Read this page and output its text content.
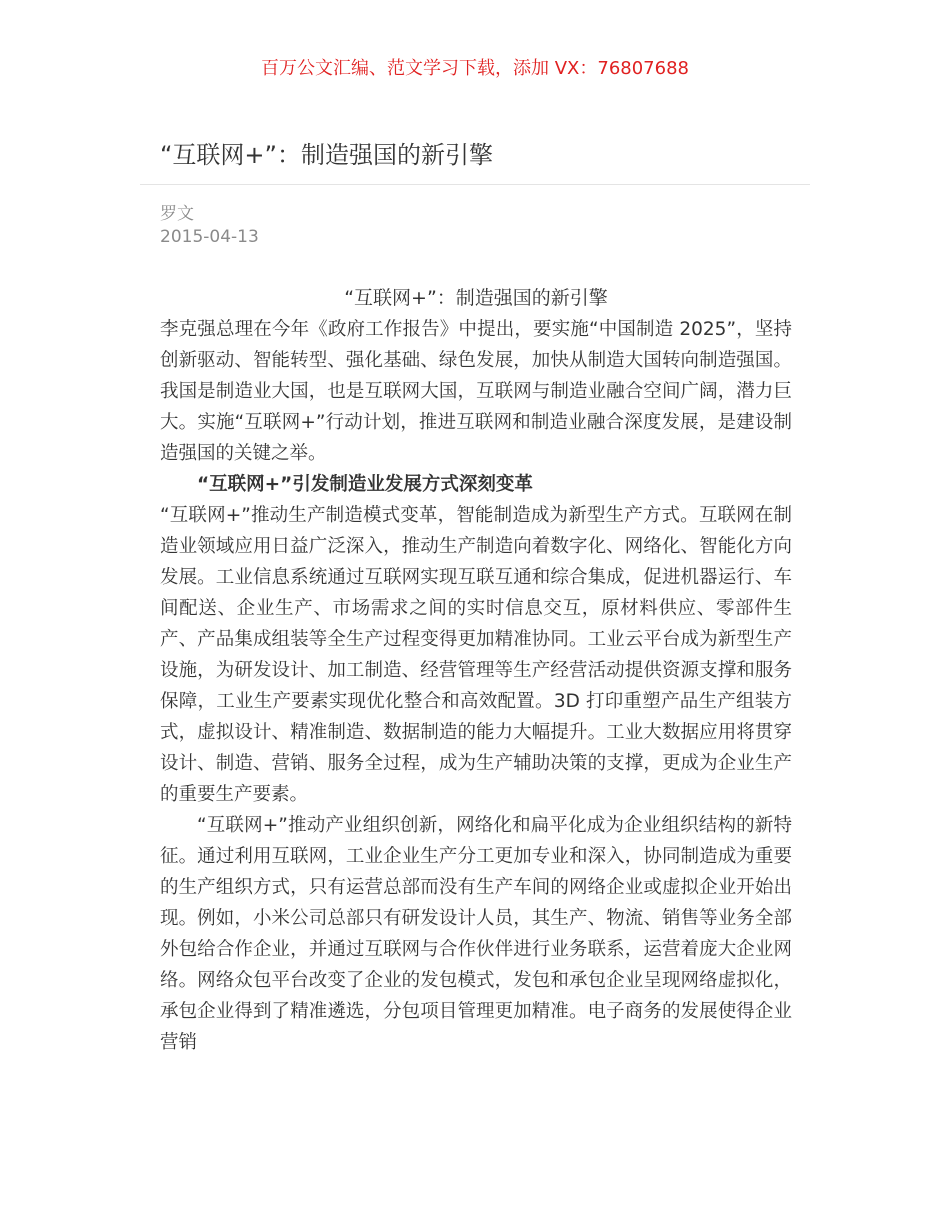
百万公文汇编、范文学习下载，添加 VX：76807688
“互联网+”：制造强国的新引擎
罗文
2015-04-13

“互联网+”：制造强国的新引擎

李克强总理在今年《政府工作报告》中提出，要实施“中国制造 2025”，坚持创新驱动、智能转型、强化基础、绿色发展，加快从制造大国转向制造强国。我国是制造业大国，也是互联网大国，互联网与制造业融合空间广阔，潜力巨大。实施“互联网+”行动计划，推进互联网和制造业融合深度发展，是建设制造强国的关键之举。

“互联网+”引发制造业发展方式深刻变革

“互联网+”推动生产制造模式变革，智能制造成为新型生产方式。互联网在制造业领域应用日益广泛深入，推动生产制造向着数字化、网络化、智能化方向发展。工业信息系统通过互联网实现互联互通和综合集成，促进机器运行、车间配送、企业生产、市场需求之间的实时信息交互，原材料供应、零部件生产、产品集成组装等全生产过程变得更加精准协同。工业云平台成为新型生产设施，为研发设计、加工制造、经营管理等生产经营活动提供资源支撑和服务保障，工业生产要素实现优化整合和高效配置。3D 打印重塑产品生产组装方式，虚拟设计、精准制造、数据制造的能力大幅提升。工业大数据应用将贯穿设计、制造、营销、服务全过程，成为生产辅助决策的支撑，更成为企业生产的重要生产要素。

“互联网+”推动产业组织创新，网络化和扁平化成为企业组织结构的新特征。通过利用互联网，工业企业生产分工更加专业和深入，协同制造成为重要的生产组织方式，只有运营总部而没有生产车间的网络企业或虚拟企业开始出现。例如，小米公司总部只有研发设计人员，其生产、物流、销售等业务全部外包给合作企业，并通过互联网与合作伙伴进行业务联系，运营着庞大企业网络。网络众包平台改变了企业的发包模式，发包和承包企业呈现网络虚拟化，承包企业得到了精准遴选，分包项目管理更加精准。电子商务的发展使得企业营销
